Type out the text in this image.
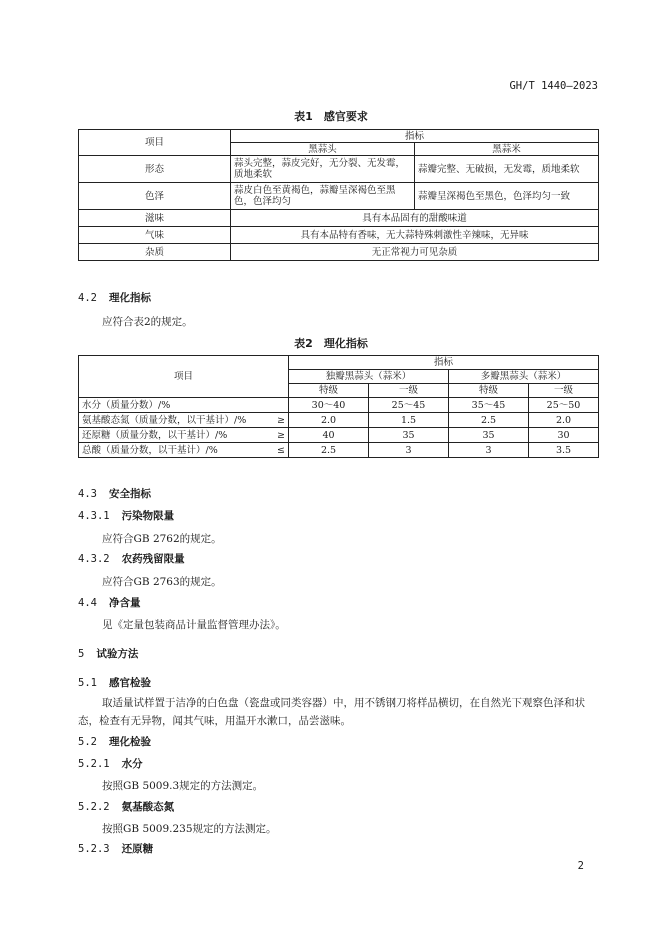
GH/T 1440—2023
表1　感官要求
项目	指标	
	黑蒜头	黑蒜米
形态	蒜头完整，蒜皮完好，无分裂、无发霉，质地柔软	蒜瓣完整、无破损，无发霉，质地柔软
色泽	蒜皮白色至黄褐色，蒜瓣呈深褐色至黑色，色泽均匀	蒜瓣呈深褐色至黑色，色泽均匀一致
滋味	具有本品固有的甜酸味道	
气味	具有本品特有香味，无大蒜特殊刺激性辛辣味，无异味	
杂质	无正常视力可见杂质	
4.2 理化指标
应符合表2的规定。
表2　理化指标
项目	指标			
	独瓣黑蒜头（蒜米）		多瓣黑蒜头（蒜米）	
	特级	一级	特级	一级

水分（质量分数）/%	30～40	25～45	35～45	25～50

氨基酸态氮（质量分数，以干基计）/% ≥	2.0	1.5	2.5	2.0

还原糖（质量分数，以干基计）/% ≥	40	35	35	30

总酸（质量分数，以干基计）/% ≤	2.5	3	3	3.5
4.3 安全指标
4.3.1 污染物限量
应符合GB 2762的规定。
4.3.2 农药残留限量
应符合GB 2763的规定。
4.4 净含量
见《定量包装商品计量监督管理办法》。
5 试验方法
5.1 感官检验
取适量试样置于洁净的白色盘（瓷盘或同类容器）中，用不锈钢刀将样品横切，在自然光下观察色泽和状态，检查有无异物，闻其气味，用温开水漱口，品尝滋味。
5.2 理化检验
5.2.1 水分
按照GB 5009.3规定的方法测定。
5.2.2 氨基酸态氮
按照GB 5009.235规定的方法测定。
5.2.3 还原糖
2
